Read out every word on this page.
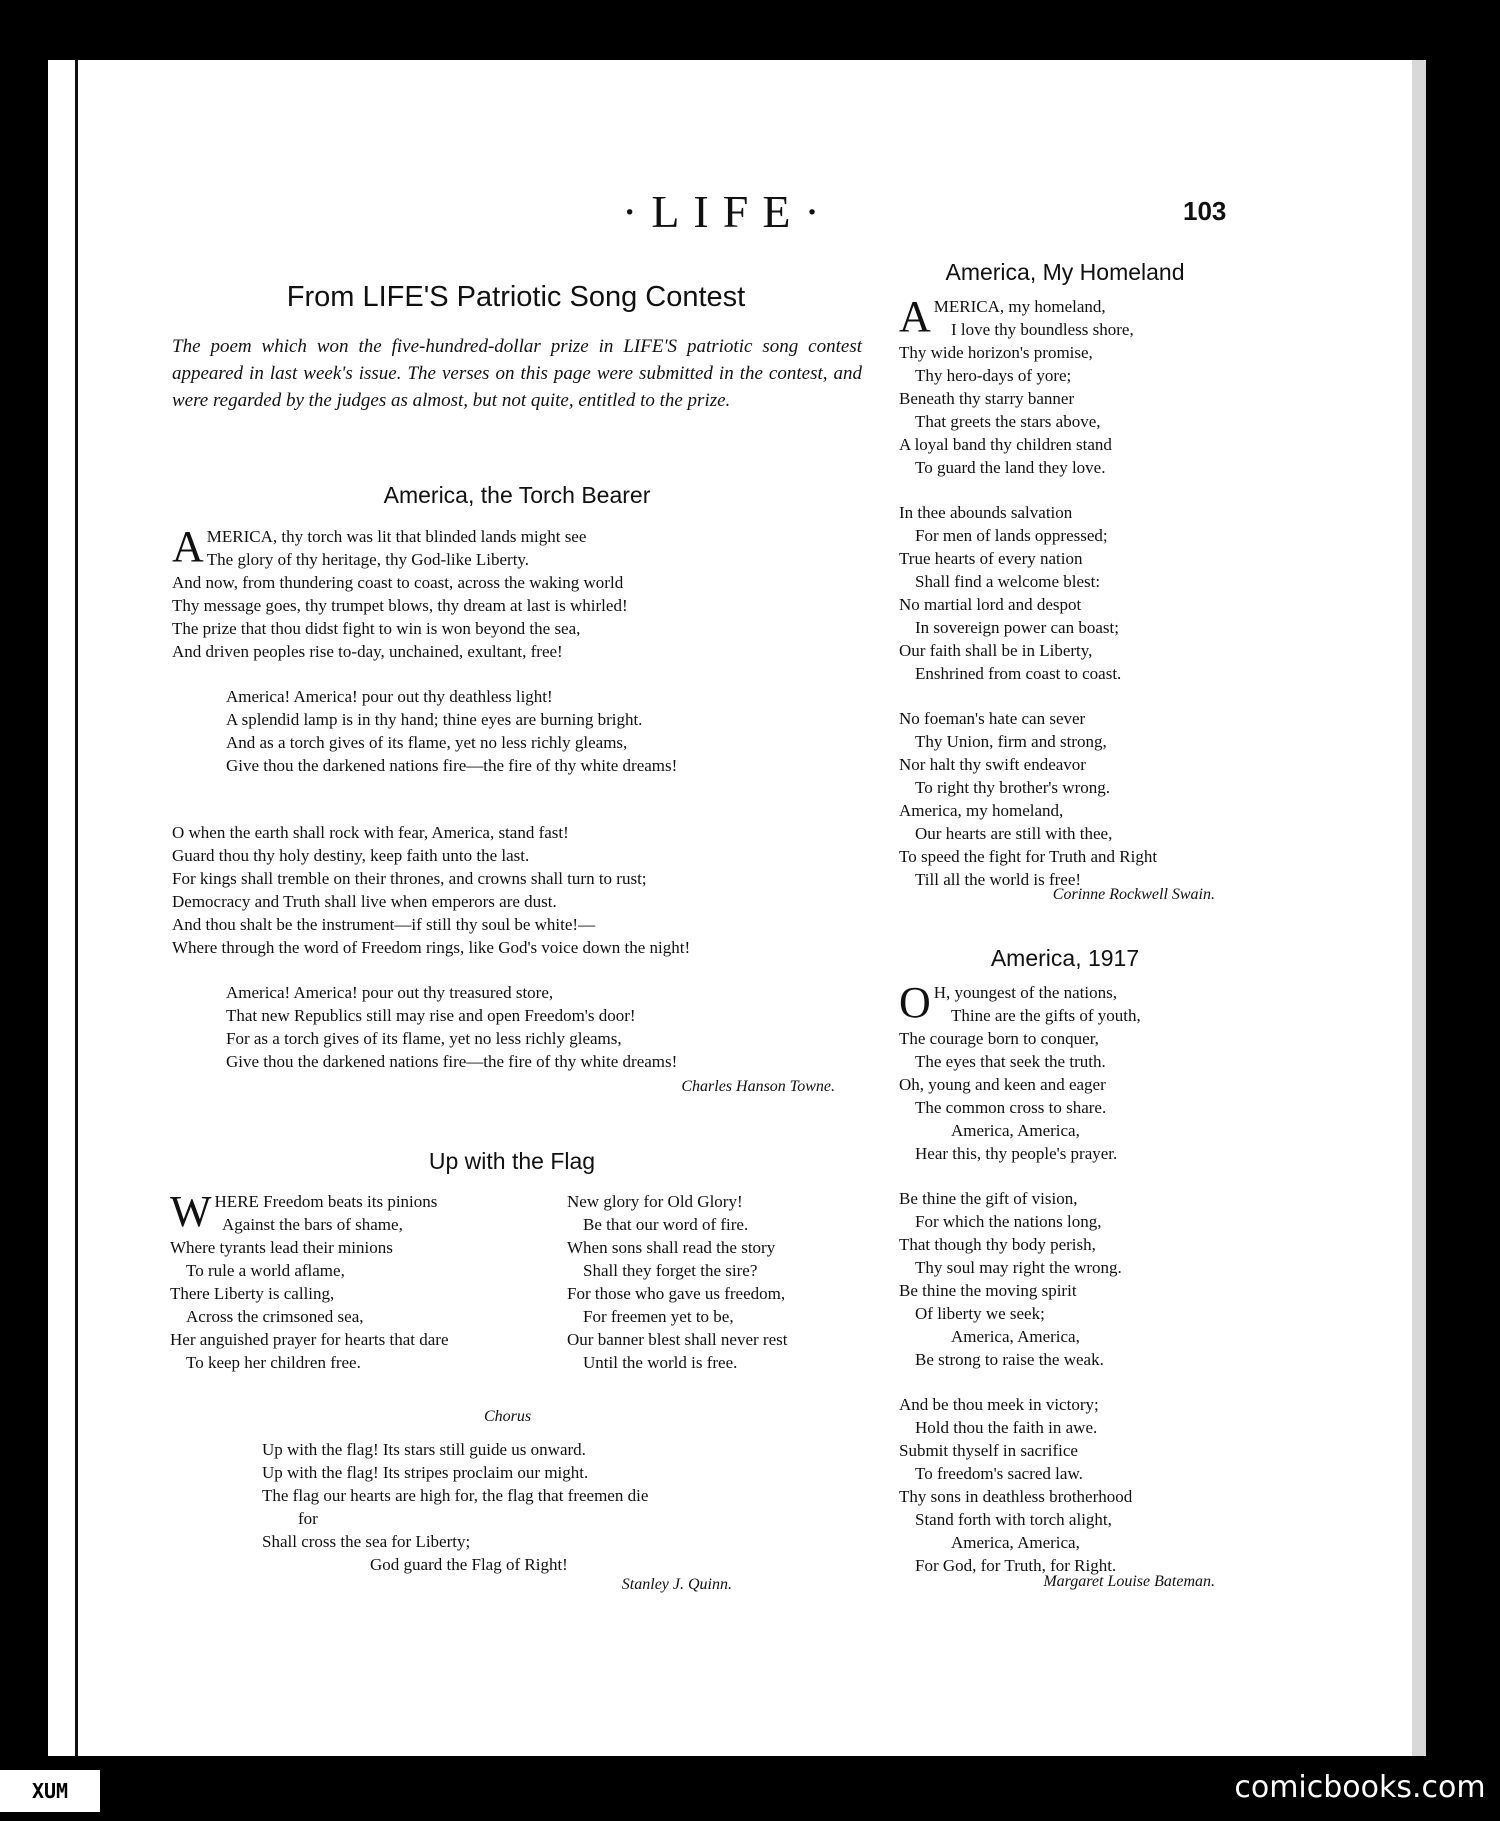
·LIFE·	103
From LIFE'S Patriotic Song Contest
The poem which won the five-hundred-dollar prize in LIFE'S patriotic song contest appeared in last week's issue. The verses on this page were submitted in the contest, and were regarded by the judges as almost, but not quite, entitled to the prize.
America, the Torch Bearer
AMERICA, thy torch was lit that blinded lands might see
The glory of thy heritage, thy God-like Liberty.
And now, from thundering coast to coast, across the waking world
Thy message goes, thy trumpet blows, thy dream at last is whirled!
The prize that thou didst fight to win is won beyond the sea,
And driven peoples rise to-day, unchained, exultant, free!
America! America! pour out thy deathless light!
A splendid lamp is in thy hand; thine eyes are burning bright.
And as a torch gives of its flame, yet no less richly gleams,
Give thou the darkened nations fire—the fire of thy white dreams!
O when the earth shall rock with fear, America, stand fast!
Guard thou thy holy destiny, keep faith unto the last.
For kings shall tremble on their thrones, and crowns shall turn to rust;
Democracy and Truth shall live when emperors are dust.
And thou shalt be the instrument—if still thy soul be white!—
Where through the word of Freedom rings, like God's voice down the night!
America! America! pour out thy treasured store,
That new Republics still may rise and open Freedom's door!
For as a torch gives of its flame, yet no less richly gleams,
Give thou the darkened nations fire—the fire of thy white dreams!
Charles Hanson Towne.
Up with the Flag
WHERE Freedom beats its pinions
Against the bars of shame,
Where tyrants lead their minions
To rule a world aflame,
There Liberty is calling,
Across the crimsoned sea,
Her anguished prayer for hearts that dare
To keep her children free.
New glory for Old Glory!
Be that our word of fire.
When sons shall read the story
Shall they forget the sire?
For those who gave us freedom,
For freemen yet to be,
Our banner blest shall never rest
Until the world is free.
Chorus
Up with the flag! Its stars still guide us onward.
Up with the flag! Its stripes proclaim our might.
The flag our hearts are high for, the flag that freemen die
for
Shall cross the sea for Liberty;
God guard the Flag of Right!
Stanley J. Quinn.
America, My Homeland
AMERICA, my homeland,
I love thy boundless shore,
Thy wide horizon's promise,
Thy hero-days of yore;
Beneath thy starry banner
That greets the stars above,
A loyal band thy children stand
To guard the land they love.
In thee abounds salvation
For men of lands oppressed;
True hearts of every nation
Shall find a welcome blest:
No martial lord and despot
In sovereign power can boast;
Our faith shall be in Liberty,
Enshrined from coast to coast.
No foeman's hate can sever
Thy Union, firm and strong,
Nor halt thy swift endeavor
To right thy brother's wrong.
America, my homeland,
Our hearts are still with thee,
To speed the fight for Truth and Right
Till all the world is free!
Corinne Rockwell Swain.
America, 1917
O H, youngest of the nations,
Thine are the gifts of youth,
The courage born to conquer,
The eyes that seek the truth.
Oh, young and keen and eager
The common cross to share.
America, America,
Hear this, thy people's prayer.
Be thine the gift of vision,
For which the nations long,
That though thy body perish,
Thy soul may right the wrong.
Be thine the moving spirit
Of liberty we seek;
America, America,
Be strong to raise the weak.
And be thou meek in victory;
Hold thou the faith in awe.
Submit thyself in sacrifice
To freedom's sacred law.
Thy sons in deathless brotherhood
Stand forth with torch alight,
America, America,
For God, for Truth, for Right.
Margaret Louise Bateman.
XUM	comicbooks.com
